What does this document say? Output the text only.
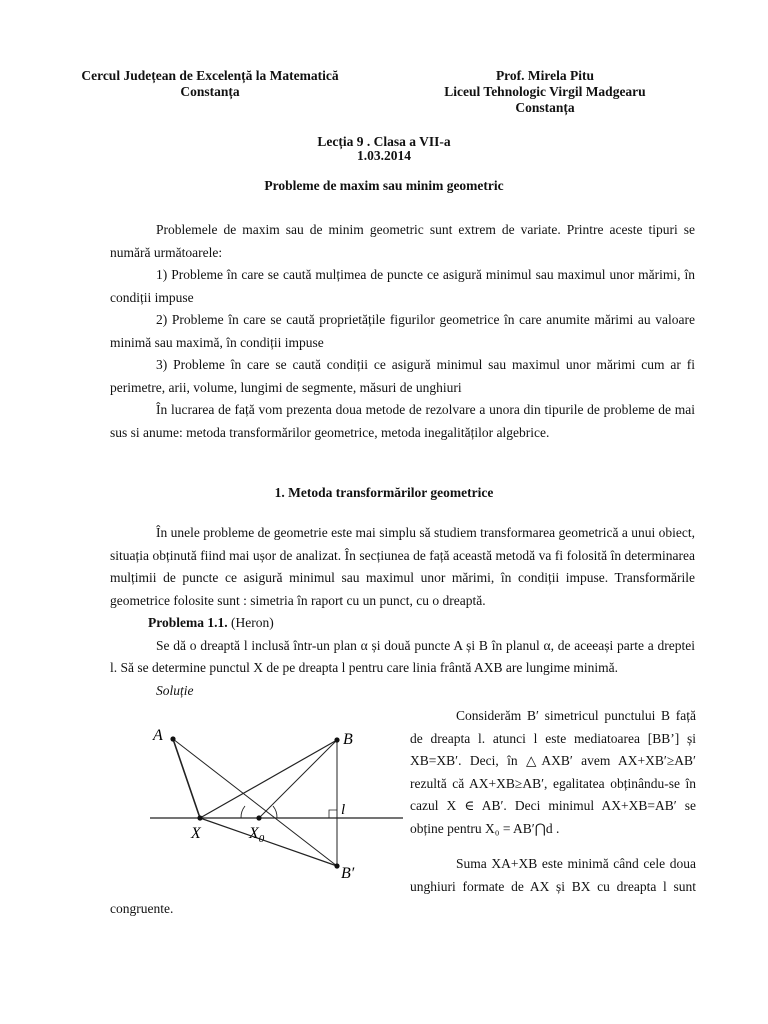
Cercul Județean de Excelență la Matematică
Constanța
Prof. Mirela Pitu
Liceul Tehnologic Virgil Madgearu
Constanța
Lecția 9 . Clasa a VII-a
1.03.2014
Probleme de maxim sau minim geometric

Problemele de maxim sau de minim geometric sunt extrem de variate. Printre aceste tipuri se numără următoarele:

1) Probleme în care se caută mulțimea de puncte ce asigură minimul sau maximul unor mărimi, în condiții impuse

2) Probleme în care se caută proprietățile figurilor geometrice în care anumite mărimi au valoare minimă sau maximă, în condiții impuse

3) Probleme în care se caută condiții ce asigură minimul sau maximul unor mărimi cum ar fi perimetre, arii, volume, lungimi de segmente, măsuri de unghiuri

În lucrarea de față vom prezenta doua metode de rezolvare a unora din tipurile de probleme de mai sus si anume: metoda transformărilor geometrice, metoda inegalităților algebrice.

1. Metoda transformărilor geometrice

În unele probleme de geometrie este mai simplu să studiem transformarea geometrică a unui obiect, situația obținută fiind mai ușor de analizat. În secțiunea de față această metodă va fi folosită în determinarea mulțimii de puncte ce asigură minimul sau maximul unor mărimi, în condiții impuse. Transformările geometrice folosite sunt : simetria în raport cu un punct, cu o dreaptă.

Problema 1.1. (Heron)

Se dă o dreaptă l inclusă într-un plan α și două puncte A și B în planul α, de aceeași parte a dreptei l. Să se determine punctul X de pe dreapta l pentru care linia frântă AXB are lungime minimă.

Soluție

A	B
B′
X	$X_0$
l

Considerăm B′ simetricul punctului B față de dreapta l. atunci l este mediatoarea [BB’] și XB=XB′. Deci, în △AXB′ avem AX+XB′≥AB′ rezultă că AX+XB≥AB′, egalitatea obținându-se în cazul X ∈ AB′. Deci minimul AX+XB=AB′ se obține pentru X₀ = AB′⋂d .

Suma XA+XB este minimă când cele doua unghiuri formate de AX și BX cu dreapta l sunt congruente.
